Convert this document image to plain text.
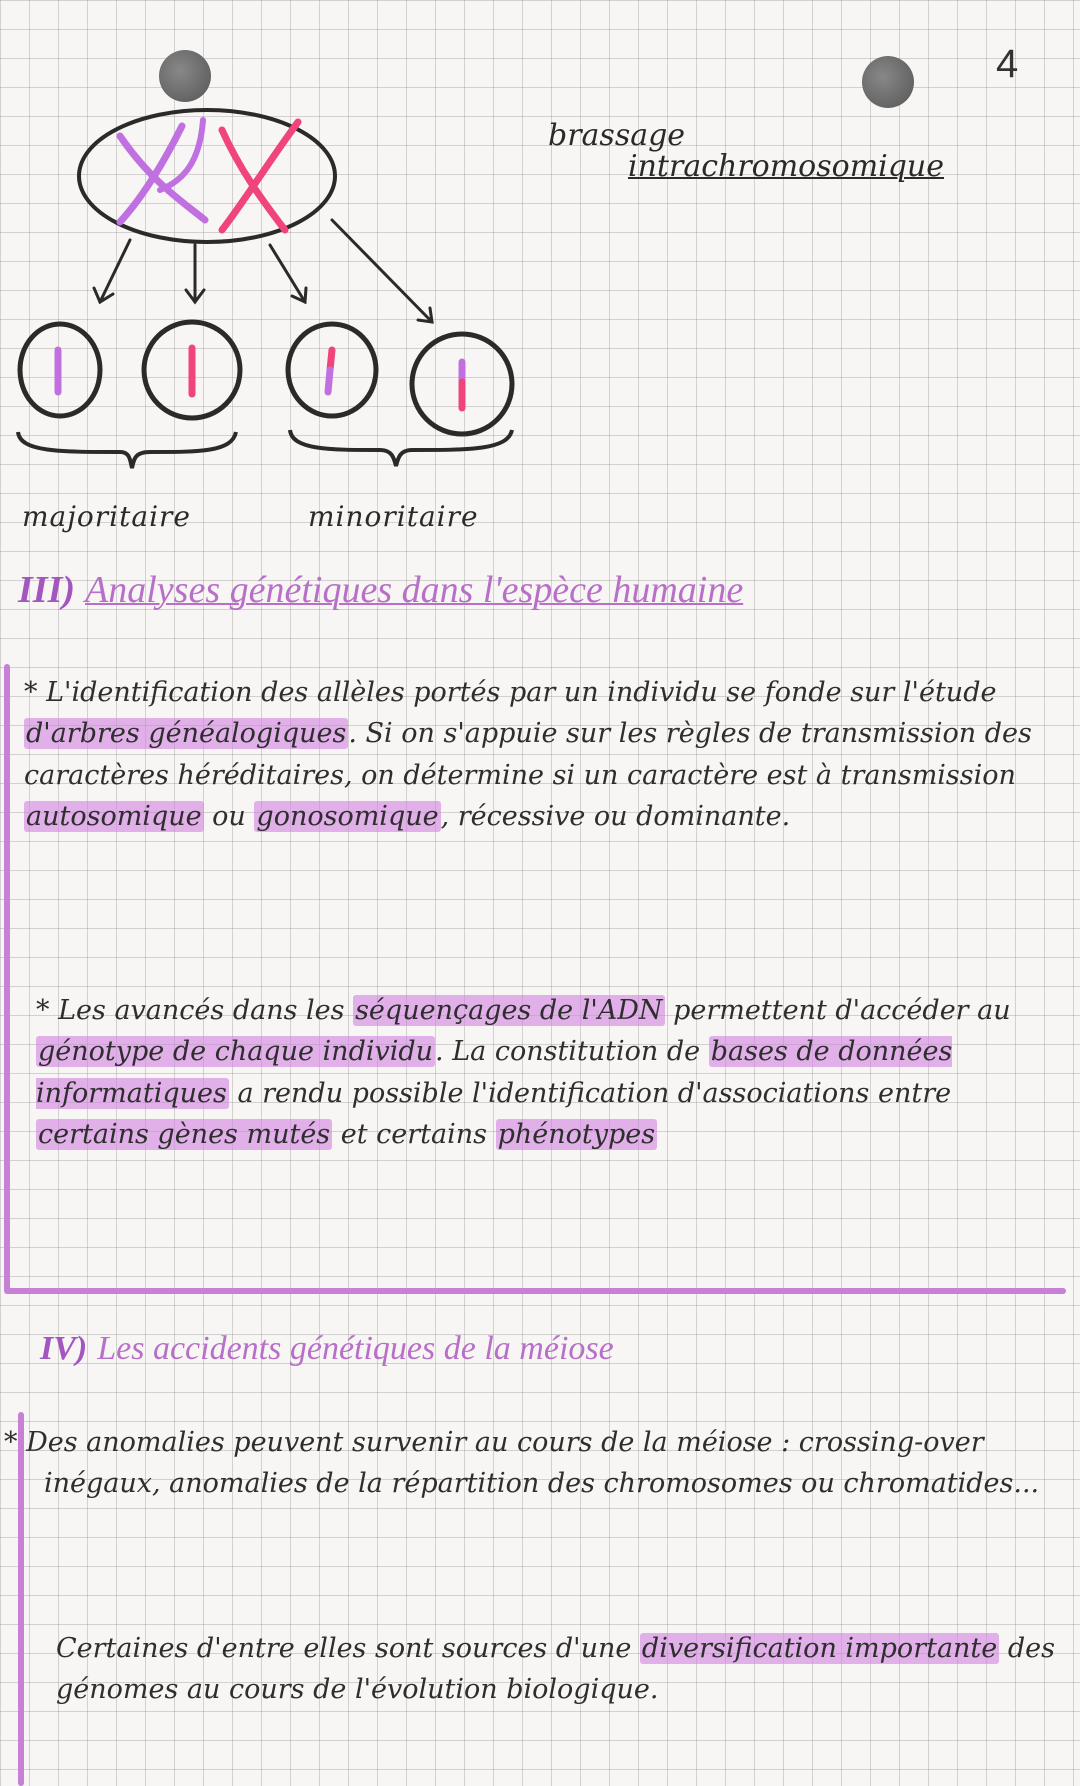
4
majoritaire	minoritaire
brassage
intrachromosomique
III) Analyses génétiques dans l'espèce humaine

* L'identification des allèles portés par un individu se fonde sur l'étude d'arbres généalogiques. Si on s'appuie sur les règles de transmission des caractères héréditaires, on détermine si un caractère est à transmission autosomique ou gonosomique, récessive ou dominante.

* Les avancés dans les séquençages de l'ADN permettent d'accéder au génotype de chaque individu. La constitution de bases de données informatiques a rendu possible l'identification d'associations entre certains gènes mutés et certains phénotypes

IV) Les accidents génétiques de la méiose

* Des anomalies peuvent survenir au cours de la méiose : crossing-over inégaux, anomalies de la répartition des chromosomes ou chromatides...

Certaines d'entre elles sont sources d'une diversification importante des génomes au cours de l'évolution biologique.
